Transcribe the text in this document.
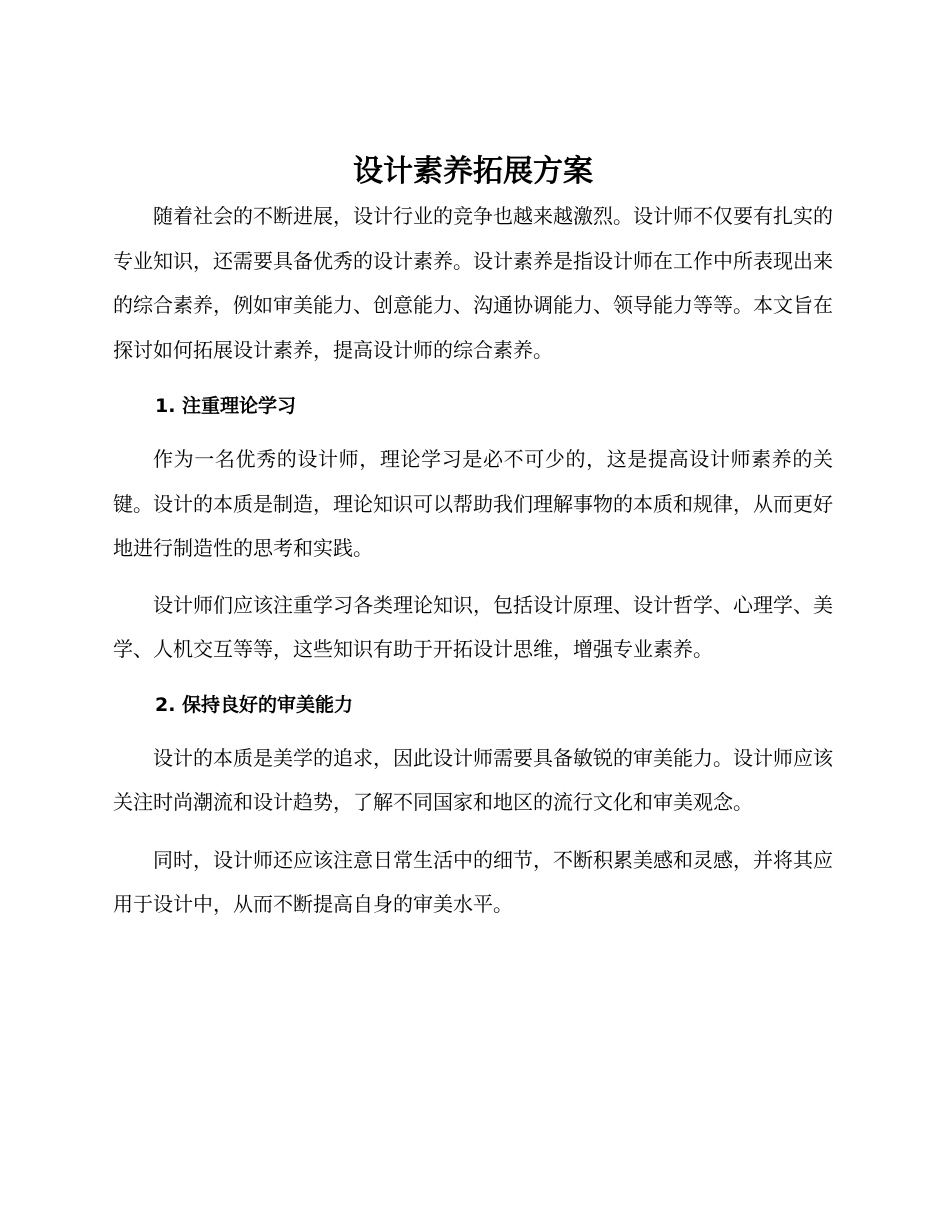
设计素养拓展方案

随着社会的不断进展，设计行业的竞争也越来越激烈。设计师不仅要有扎实的专业知识，还需要具备优秀的设计素养。设计素养是指设计师在工作中所表现出来的综合素养，例如审美能力、创意能力、沟通协调能力、领导能力等等。本文旨在探讨如何拓展设计素养，提高设计师的综合素养。

1. 注重理论学习

作为一名优秀的设计师，理论学习是必不可少的，这是提高设计师素养的关键。设计的本质是制造，理论知识可以帮助我们理解事物的本质和规律，从而更好地进行制造性的思考和实践。

设计师们应该注重学习各类理论知识，包括设计原理、设计哲学、心理学、美学、人机交互等等，这些知识有助于开拓设计思维，增强专业素养。

2. 保持良好的审美能力

设计的本质是美学的追求，因此设计师需要具备敏锐的审美能力。设计师应该关注时尚潮流和设计趋势，了解不同国家和地区的流行文化和审美观念。

同时，设计师还应该注意日常生活中的细节，不断积累美感和灵感，并将其应用于设计中，从而不断提高自身的审美水平。
